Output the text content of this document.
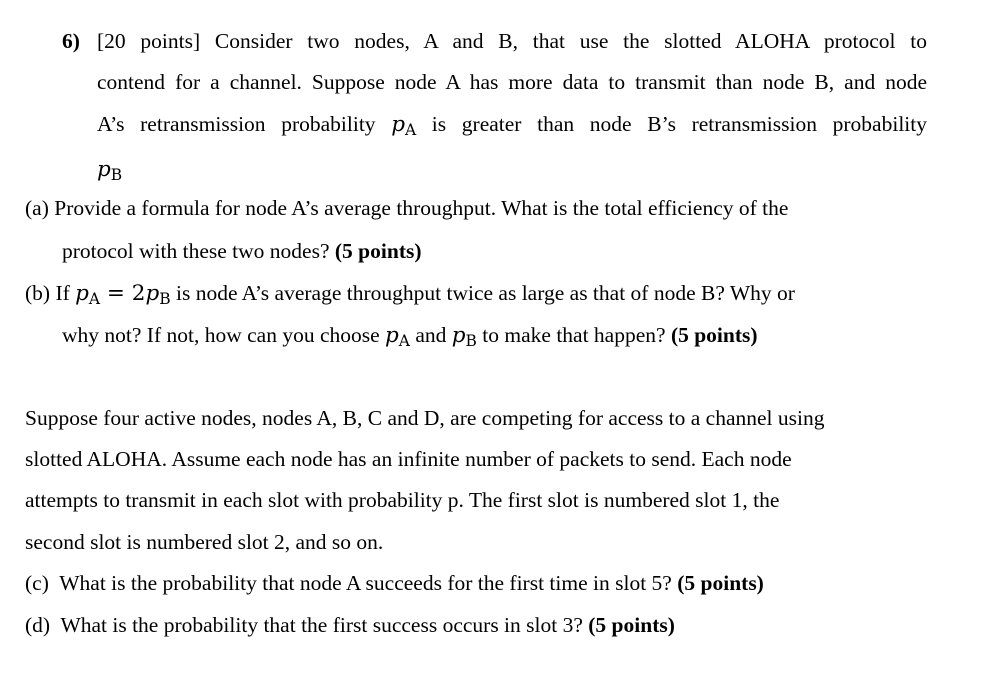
6) [20 points] Consider two nodes, A and B, that use the slotted ALOHA protocol to
contend for a channel. Suppose node A has more data to transmit than node B, and node
A’s retransmission probability $p_A$ is greater than node B’s retransmission probability
$p_B$
(a) Provide a formula for node A’s average throughput. What is the total efficiency of the
protocol with these two nodes? (5 points)
(b) If $p_A = 2p_B$ is node A’s average throughput twice as large as that of node B? Why or
why not? If not, how can you choose $p_A$ and $p_B$ to make that happen? (5 points)
Suppose four active nodes, nodes A, B, C and D, are competing for access to a channel using
slotted ALOHA. Assume each node has an infinite number of packets to send. Each node
attempts to transmit in each slot with probability p. The first slot is numbered slot 1, the
second slot is numbered slot 2, and so on.
(c)  What is the probability that node A succeeds for the first time in slot 5? (5 points)
(d)  What is the probability that the first success occurs in slot 3? (5 points)
